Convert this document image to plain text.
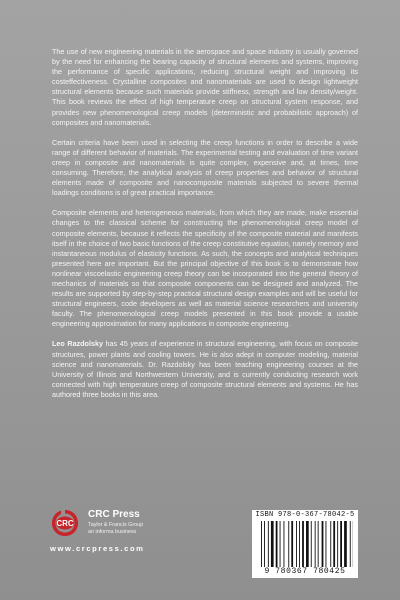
The use of new engineering materials in the aerospace and space industry is usually governed by the need for enhancing the bearing capacity of structural elements and systems, improving the performance of specific applications, reducing structural weight and improving its costeffectiveness. Crystalline composites and nanomaterials are used to design lightweight structural elements because such materials provide stiffness, strength and low density/weight. This book reviews the effect of high temperature creep on structural system response, and provides new phenomenological creep models (deterministic and probabilistic approach) of composites and nanomaterials.

Certain criteria have been used in selecting the creep functions in order to describe a wide range of different behavior of materials. The experimental testing and evaluation of time variant creep in composite and nanomaterials is quite complex, expensive and, at times, time consuming. Therefore, the analytical analysis of creep properties and behavior of structural elements made of composite and nanocomposite materials subjected to severe thermal loadings conditions is of great practical importance.

Composite elements and heterogeneous materials, from which they are made, make essential changes to the classical scheme for constructing the phenomenological creep model of composite elements, because it reflects the specificity of the composite material and manifests itself in the choice of two basic functions of the creep constitutive equation, namely memory and instantaneous modulus of elasticity functions. As such, the concepts and analytical techniques presented here are important. But the principal objective of this book is to demonstrate how nonlinear viscoelastic engineering creep theory can be incorporated into the general theory of mechanics of materials so that composite components can be designed and analyzed. The results are supported by step-by-step practical structural design examples and will be useful for structural engineers, code developers as well as material science researchers and university faculty. The phenomenological creep models presented in this book provide a usable engineering approximation for many applications in composite engineering.

Leo Razdolsky has 45 years of experience in structural engineering, with focus on composite structures, power plants and cooling towers. He is also adept in computer modeling, material science and nanomaterials. Dr. Razdolsky has been teaching engineering courses at the University of Illinois and Northwestern University, and is currently conducting research work connected with high temperature creep of composite structural elements and systems. He has authored three books in this area.

CRC
CRC Press
Taylor & Francis Group
an informa business
www.crcpress.com
ISBN 978-0-367-78042-5
9 780367 780425
